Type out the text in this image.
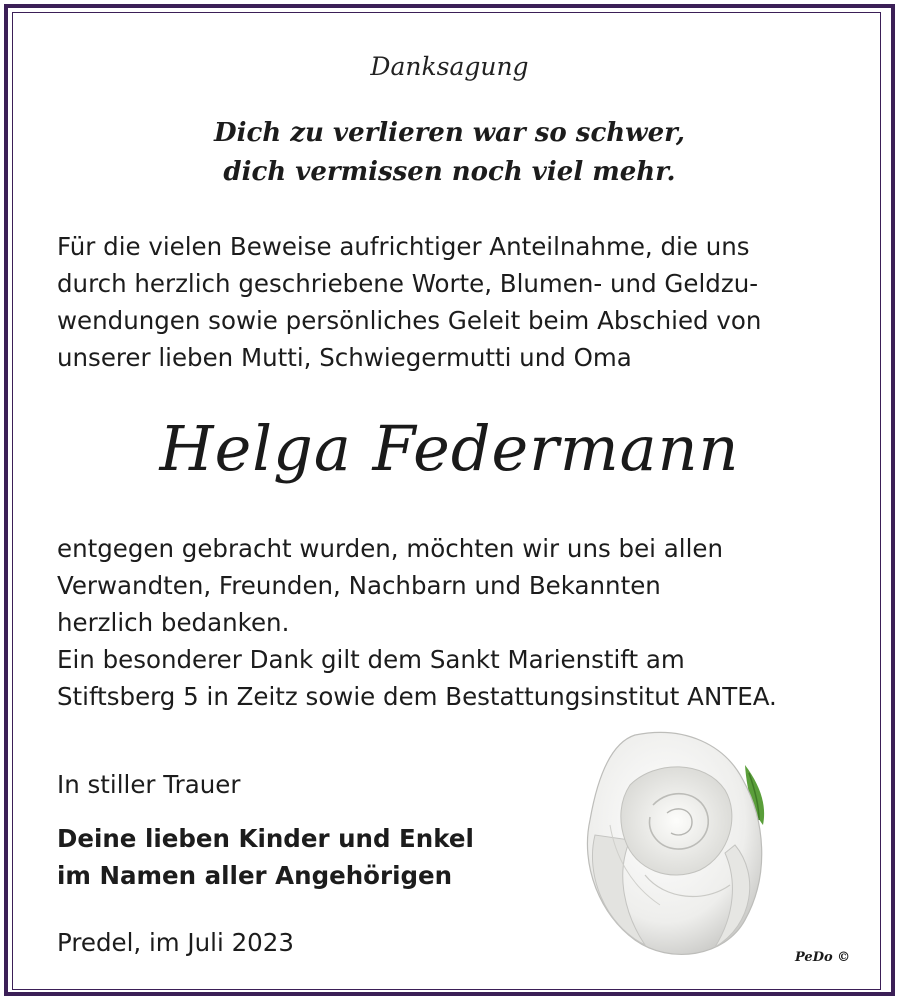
Danksagung
Dich zu verlieren war so schwer,
dich vermissen noch viel mehr.
Für die vielen Beweise aufrichtiger Anteilnahme, die uns
durch herzlich geschriebene Worte, Blumen- und Geldzu-
wendungen sowie persönliches Geleit beim Abschied von
unserer lieben Mutti, Schwiegermutti und Oma
Helga Federmann
entgegen gebracht wurden, möchten wir uns bei allen
Verwandten, Freunden, Nachbarn und Bekannten
herzlich bedanken.
Ein besonderer Dank gilt dem Sankt Marienstift am
Stiftsberg 5 in Zeitz sowie dem Bestattungsinstitut ANTEA.
In stiller Trauer
Deine lieben Kinder und Enkel
im Namen aller Angehörigen
Predel, im Juli 2023
PeDo ©
